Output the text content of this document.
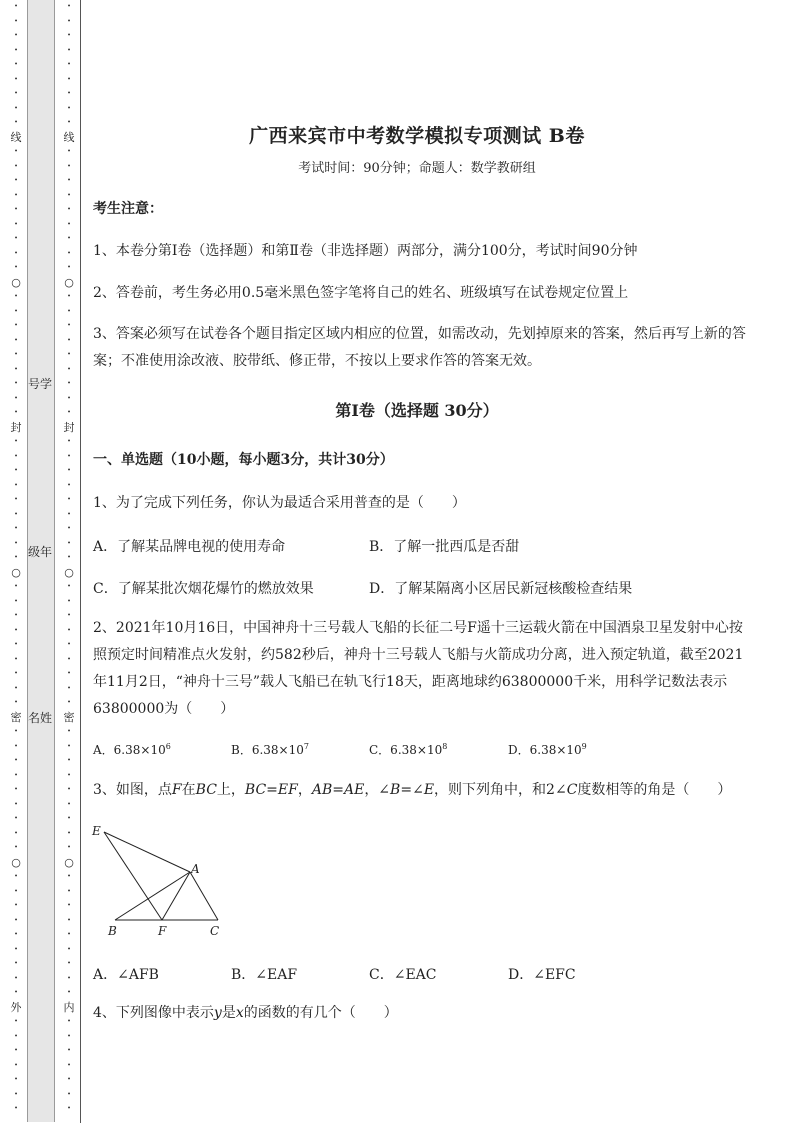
•
•
•
•
•
•
•
•
•
线
•
•
•
•
•
•
•
•
•
○
•
•
•
•
•
•
•
•
•
封
•
•
•
•
•
•
•
•
•
○
•
•
•
•
•
•
•
•
•
密
•
•
•
•
•
•
•
•
•
○
•
•
•
•
•
•
•
•
•
外
•
•
•
•
•
•
•
•
•
•
•
•
•
•
•
•
线
•
•
•
•
•
•
•
•
•
○
•
•
•
•
•
•
•
•
•
封
•
•
•
•
•
•
•
•
•
○
•
•
•
•
•
•
•
•
•
密
•
•
•
•
•
•
•
•
•
○
•
•
•
•
•
•
•
•
•
内
•
•
•
•
•
•
•
号学
级年
名姓
广西来宾市中考数学模拟专项测试 B卷
考试时间：90分钟；命题人：数学教研组
考生注意：
1、本卷分第I卷（选择题）和第Ⅱ卷（非选择题）两部分，满分100分，考试时间90分钟
2、答卷前，考生务必用0.5毫米黑色签字笔将自己的姓名、班级填写在试卷规定位置上
3、答案必须写在试卷各个题目指定区域内相应的位置，如需改动，先划掉原来的答案，然后再写上新的答案；不准使用涂改液、胶带纸、修正带，不按以上要求作答的答案无效。
第I卷（选择题 30分）
一、单选题（10小题，每小题3分，共计30分）
1、为了完成下列任务，你认为最适合采用普查的是（　　）
A．了解某品牌电视的使用寿命	B．了解一批西瓜是否甜
C．了解某批次烟花爆竹的燃放效果	D．了解某隔离小区居民新冠核酸检查结果
2、2021年10月16日，中国神舟十三号载人飞船的长征二号F遥十三运载火箭在中国酒泉卫星发射中心按照预定时间精准点火发射，约582秒后，神舟十三号载人飞船与火箭成功分离，进入预定轨道，截至2021年11月2日，“神舟十三号”载人飞船已在轨飞行18天，距离地球约63800000千米，用科学记数法表示63800000为（　　）
A．$6.38\times 10^6$	B．$6.38\times 10^7$	C．$6.38\times 10^8$	D．$6.38\times 10^9$
3、如图，点F在BC上，BC=EF，AB=AE，∠B=∠E，则下列角中，和2∠C度数相等的角是（　　）
E
A
B	F	C
A．∠AFB	B．∠EAF	C．∠EAC	D．∠EFC
4、下列图像中表示y是x的函数的有几个（　　）
